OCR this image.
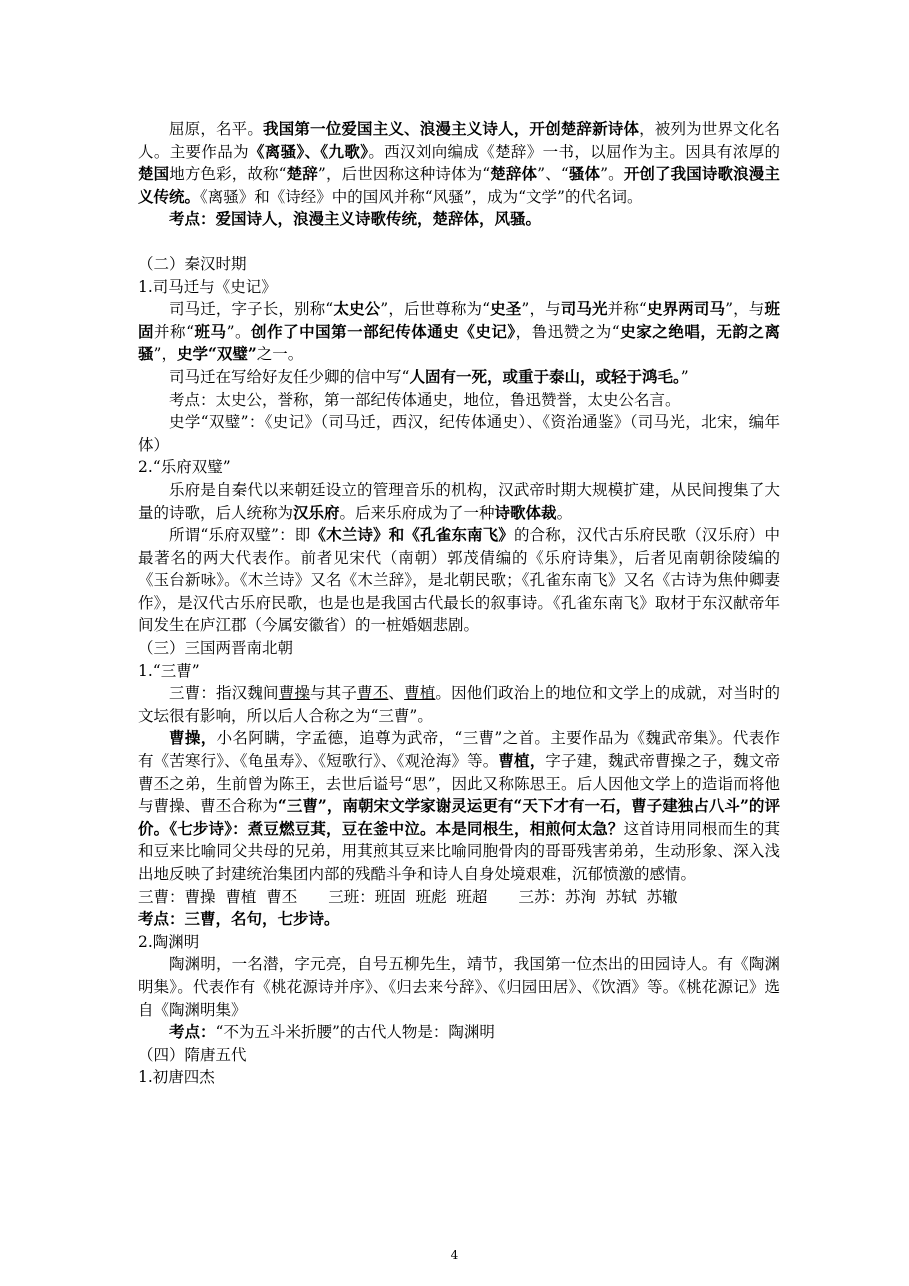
屈原，名平。我国第一位爱国主义、浪漫主义诗人，开创楚辞新诗体，被列为世界文化名人。主要作品为《离骚》、《九歌》。西汉刘向编成《楚辞》一书，以屈作为主。因具有浓厚的楚国地方色彩，故称“楚辞”，后世因称这种诗体为“楚辞体”、“骚体”。开创了我国诗歌浪漫主义传统。《离骚》和《诗经》中的国风并称“风骚”，成为“文学”的代名词。

考点：爱国诗人，浪漫主义诗歌传统，楚辞体，风骚。

（二）秦汉时期

1.司马迁与《史记》

司马迁，字子长，别称“太史公”，后世尊称为“史圣”，与司马光并称“史界两司马”，与班固并称“班马”。创作了中国第一部纪传体通史《史记》，鲁迅赞之为“史家之绝唱，无韵之离骚”，史学“双璧”之一。

司马迁在写给好友任少卿的信中写“人固有一死，或重于泰山，或轻于鸿毛。”

考点：太史公，誉称，第一部纪传体通史，地位，鲁迅赞誉，太史公名言。

史学“双璧”：《史记》（司马迁，西汉，纪传体通史）、《资治通鉴》（司马光，北宋，编年体）

2.“乐府双璧”

乐府是自秦代以来朝廷设立的管理音乐的机构，汉武帝时期大规模扩建，从民间搜集了大量的诗歌，后人统称为汉乐府。后来乐府成为了一种诗歌体裁。

所谓“乐府双璧”：即《木兰诗》和《孔雀东南飞》的合称，汉代古乐府民歌（汉乐府）中最著名的两大代表作。前者见宋代（南朝）郭茂倩编的《乐府诗集》，后者见南朝徐陵编的《玉台新咏》。《木兰诗》又名《木兰辞》，是北朝民歌；《孔雀东南飞》又名《古诗为焦仲卿妻作》，是汉代古乐府民歌，也是也是我国古代最长的叙事诗。《孔雀东南飞》取材于东汉献帝年间发生在庐江郡（今属安徽省）的一桩婚姻悲剧。

（三）三国两晋南北朝

1.“三曹”

三曹：指汉魏间曹操与其子曹丕、曹植。因他们政治上的地位和文学上的成就，对当时的文坛很有影响，所以后人合称之为“三曹”。

曹操，小名阿瞒，字孟德，追尊为武帝，“三曹”之首。主要作品为《魏武帝集》。代表作有《苦寒行》、《龟虽寿》、《短歌行》、《观沧海》等。曹植，字子建，魏武帝曹操之子，魏文帝曹丕之弟，生前曾为陈王，去世后谥号“思”，因此又称陈思王。后人因他文学上的造诣而将他与曹操、曹丕合称为“三曹”，南朝宋文学家谢灵运更有“天下才有一石，曹子建独占八斗”的评价。《七步诗》：煮豆燃豆萁，豆在釜中泣。本是同根生，相煎何太急？这首诗用同根而生的萁和豆来比喻同父共母的兄弟，用萁煎其豆来比喻同胞骨肉的哥哥残害弟弟，生动形象、深入浅出地反映了封建统治集团内部的残酷斗争和诗人自身处境艰难，沉郁愤激的感情。

三曹：曹操  曹植  曹丕 三班：班固  班彪  班超 三苏：苏洵  苏轼  苏辙

考点：三曹，名句，七步诗。

2.陶渊明

陶渊明，一名潜，字元亮，自号五柳先生，靖节，我国第一位杰出的田园诗人。有《陶渊明集》。代表作有《桃花源诗并序》、《归去来兮辞》、《归园田居》、《饮酒》等。《桃花源记》选自《陶渊明集》

考点：“不为五斗米折腰”的古代人物是：陶渊明

（四）隋唐五代

1.初唐四杰

4
